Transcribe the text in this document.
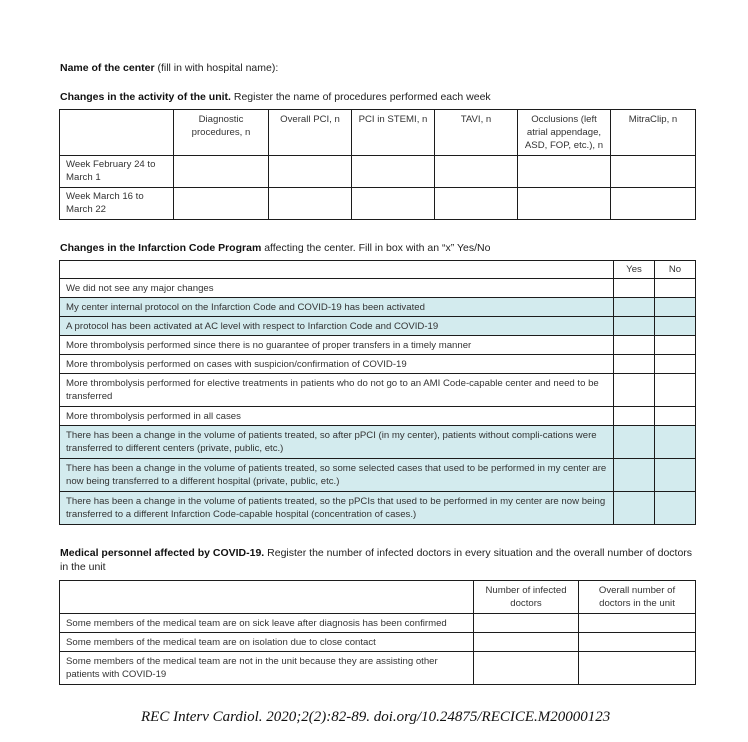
Name of the center (fill in with hospital name):
Changes in the activity of the unit. Register the name of procedures performed each week
	Diagnostic procedures, n	Overall PCI, n	PCI in STEMI, n	TAVI, n	Occlusions (left atrial appendage, ASD, FOP, etc.), n	MitraClip, n
Week February 24 to March 1						
Week March 16 to March 22						
Changes in the Infarction Code Program affecting the center. Fill in box with an “x” Yes/No
	Yes	No
We did not see any major changes		
My center internal protocol on the Infarction Code and COVID-19 has been activated		
A protocol has been activated at AC level with respect to Infarction Code and COVID-19		
More thrombolysis performed since there is no guarantee of proper transfers in a timely manner		
More thrombolysis performed on cases with suspicion/confirmation of COVID-19		
More thrombolysis performed for elective treatments in patients who do not go to an AMI Code-capable center and need to be transferred		
More thrombolysis performed in all cases		
There has been a change in the volume of patients treated, so after pPCI (in my center), patients without compli-cations were transferred to different centers (private, public, etc.)		
There has been a change in the volume of patients treated, so some selected cases that used to be performed in my center are now being transferred to a different hospital (private, public, etc.)		
There has been a change in the volume of patients treated, so the pPCIs that used to be performed in my center are now being transferred to a different Infarction Code-capable hospital (concentration of cases.)		
Medical personnel affected by COVID-19. Register the number of infected doctors in every situation and the overall number of doctors in the unit
	Number of infected doctors	Overall number of doctors in the unit
Some members of the medical team are on sick leave after diagnosis has been confirmed		
Some members of the medical team are on isolation due to close contact		
Some members of the medical team are not in the unit because they are assisting other patients with COVID-19		
REC Interv Cardiol. 2020;2(2):82-89. doi.org/10.24875/RECICE.M20000123
